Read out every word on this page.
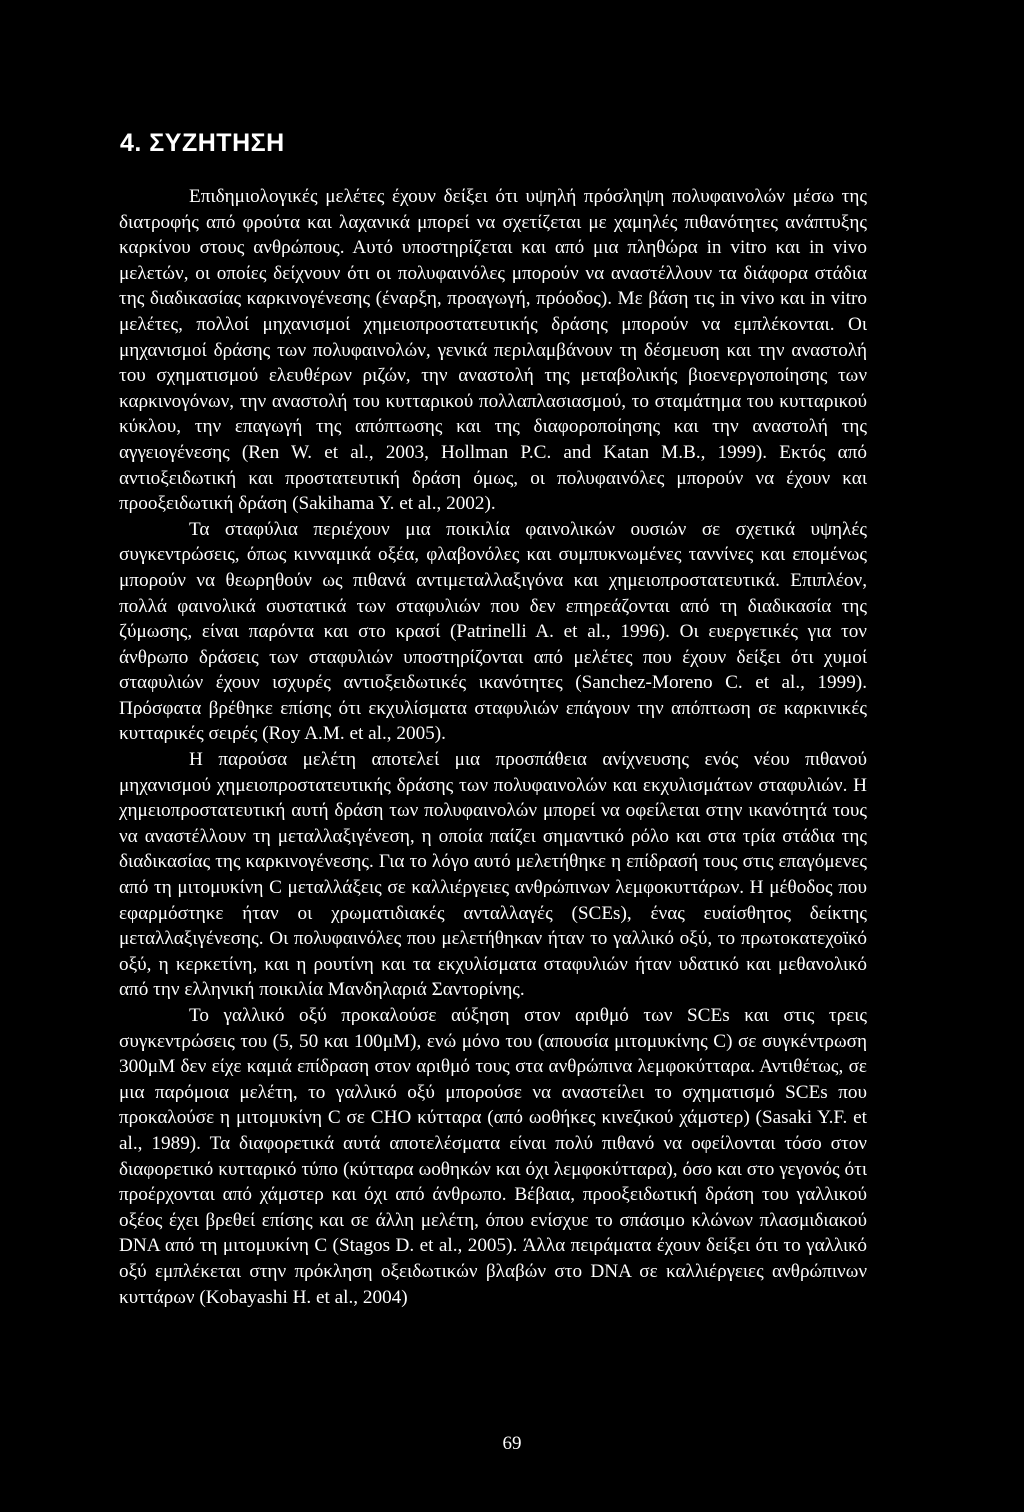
4. ΣΥΖΗΤΗΣΗ

Επιδημιολογικές μελέτες έχουν δείξει ότι υψηλή πρόσληψη πολυφαινολών μέσω της διατροφής από φρούτα και λαχανικά μπορεί να σχετίζεται με χαμηλές πιθανότητες ανάπτυξης καρκίνου στους ανθρώπους. Αυτό υποστηρίζεται και από μια πληθώρα in vitro και in vivo μελετών, οι οποίες δείχνουν ότι οι πολυφαινόλες μπορούν να αναστέλλουν τα διάφορα στάδια της διαδικασίας καρκινογένεσης (έναρξη, προαγωγή, πρόοδος). Με βάση τις in vivo και in vitro μελέτες, πολλοί μηχανισμοί χημειοπροστατευτικής δράσης μπορούν να εμπλέκονται. Οι μηχανισμοί δράσης των πολυφαινολών, γενικά περιλαμβάνουν τη δέσμευση και την αναστολή του σχηματισμού ελευθέρων ριζών, την αναστολή της μεταβολικής βιοενεργοποίησης των καρκινογόνων, την αναστολή του κυτταρικού πολλαπλασιασμού, το σταμάτημα του κυτταρικού κύκλου, την επαγωγή της απόπτωσης και της διαφοροποίησης και την αναστολή της αγγειογένεσης (Ren W. et al., 2003, Hollman P.C. and Katan M.B., 1999). Εκτός από αντιοξειδωτική και προστατευτική δράση όμως, οι πολυφαινόλες μπορούν να έχουν και προοξειδωτική δράση (Sakihama Y. et al., 2002).

Τα σταφύλια περιέχουν μια ποικιλία φαινολικών ουσιών σε σχετικά υψηλές συγκεντρώσεις, όπως κινναμικά οξέα, φλαβονόλες και συμπυκνωμένες ταννίνες και επομένως μπορούν να θεωρηθούν ως πιθανά αντιμεταλλαξιγόνα και χημειοπροστατευτικά. Επιπλέον, πολλά φαινολικά συστατικά των σταφυλιών που δεν επηρεάζονται από τη διαδικασία της ζύμωσης, είναι παρόντα και στο κρασί (Patrinelli A. et al., 1996). Οι ευεργετικές για τον άνθρωπο δράσεις των σταφυλιών υποστηρίζονται από μελέτες που έχουν δείξει ότι χυμοί σταφυλιών έχουν ισχυρές αντιοξειδωτικές ικανότητες (Sanchez-Moreno C. et al., 1999). Πρόσφατα βρέθηκε επίσης ότι εκχυλίσματα σταφυλιών επάγουν την απόπτωση σε καρκινικές κυτταρικές σειρές (Roy A.M. et al., 2005).

Η παρούσα μελέτη αποτελεί μια προσπάθεια ανίχνευσης ενός νέου πιθανού μηχανισμού χημειοπροστατευτικής δράσης των πολυφαινολών και εκχυλισμάτων σταφυλιών. Η χημειοπροστατευτική αυτή δράση των πολυφαινολών μπορεί να οφείλεται στην ικανότητά τους να αναστέλλουν τη μεταλλαξιγένεση, η οποία παίζει σημαντικό ρόλο και στα τρία στάδια της διαδικασίας της καρκινογένεσης. Για το λόγο αυτό μελετήθηκε η επίδρασή τους στις επαγόμενες από τη μιτομυκίνη C μεταλλάξεις σε καλλιέργειες ανθρώπινων λεμφοκυττάρων. Η μέθοδος που εφαρμόστηκε ήταν οι χρωματιδιακές ανταλλαγές (SCEs), ένας ευαίσθητος δείκτης μεταλλαξιγένεσης. Οι πολυφαινόλες που μελετήθηκαν ήταν το γαλλικό οξύ, το πρωτοκατεχοϊκό οξύ, η κερκετίνη, και η ρουτίνη και τα εκχυλίσματα σταφυλιών ήταν υδατικό και μεθανολικό από την ελληνική ποικιλία Μανδηλαριά Σαντορίνης.

Το γαλλικό οξύ προκαλούσε αύξηση στον αριθμό των SCEs και στις τρεις συγκεντρώσεις του (5, 50 και 100μΜ), ενώ μόνο του (απουσία μιτομυκίνης C) σε συγκέντρωση 300μΜ δεν είχε καμιά επίδραση στον αριθμό τους στα ανθρώπινα λεμφοκύτταρα. Αντιθέτως, σε μια παρόμοια μελέτη, το γαλλικό οξύ μπορούσε να αναστείλει το σχηματισμό SCEs που προκαλούσε η μιτομυκίνη C σε CHO κύτταρα (από ωοθήκες κινεζικού χάμστερ) (Sasaki Y.F. et al., 1989). Τα διαφορετικά αυτά αποτελέσματα είναι πολύ πιθανό να οφείλονται τόσο στον διαφορετικό κυτταρικό τύπο (κύτταρα ωοθηκών και όχι λεμφοκύτταρα), όσο και στο γεγονός ότι προέρχονται από χάμστερ και όχι από άνθρωπο. Βέβαια, προοξειδωτική δράση του γαλλικού οξέος έχει βρεθεί επίσης και σε άλλη μελέτη, όπου ενίσχυε το σπάσιμο κλώνων πλασμιδιακού DNA από τη μιτομυκίνη C (Stagos D. et al., 2005). Άλλα πειράματα έχουν δείξει ότι το γαλλικό οξύ εμπλέκεται στην πρόκληση οξειδωτικών βλαβών στο DNA σε καλλιέργειες ανθρώπινων κυττάρων (Kobayashi H. et al., 2004)

69
